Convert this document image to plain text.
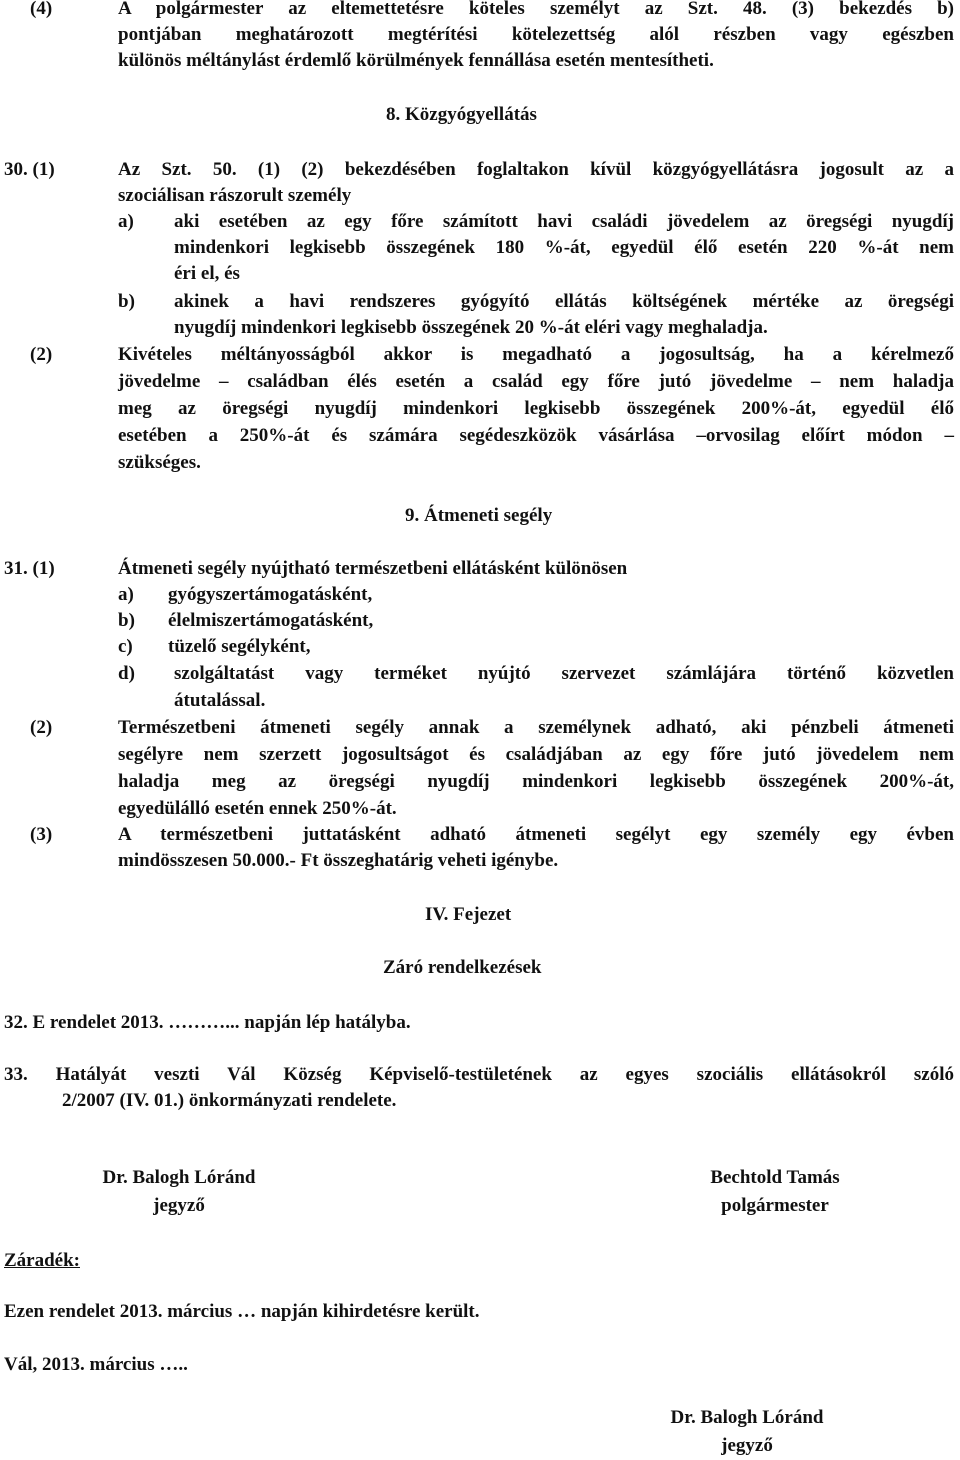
(4)	A polgármester az eltemettetésre köteles személyt az Szt. 48. (3) bekezdés b)
pontjában meghatározott megtérítési kötelezettség alól részben vagy egészben
különös méltánylást érdemlő körülmények fennállása esetén mentesítheti.
8. Közgyógyellátás
30. (1)	Az Szt. 50. (1) (2) bekezdésében foglaltakon kívül közgyógyellátásra jogosult az a
szociálisan rászorult személy
a) aki esetében az egy főre számított havi családi jövedelem az öregségi nyugdíj
mindenkori legkisebb összegének 180 %-át, egyedül élő esetén 220 %-át nem
éri el, és
b) akinek a havi rendszeres gyógyító ellátás költségének mértéke az öregségi
nyugdíj mindenkori legkisebb összegének 20 %-át eléri vagy meghaladja.
(2)	Kivételes méltányosságból akkor is megadható a jogosultság, ha a kérelmező
jövedelme – családban élés esetén a család egy főre jutó jövedelme – nem haladja
meg az öregségi nyugdíj mindenkori legkisebb összegének 200%-át, egyedül élő
esetében a 250%-át és számára segédeszközök vásárlása –orvosilag előírt módon –
szükséges.
9. Átmeneti segély
31. (1)	Átmeneti segély nyújtható természetbeni ellátásként különösen
a) gyógyszertámogatásként,
b) élelmiszertámogatásként,
c) tüzelő segélyként,
d) szolgáltatást vagy terméket nyújtó szervezet számlájára történő közvetlen
átutalással.
(2)	Természetbeni átmeneti segély annak a személynek adható, aki pénzbeli átmeneti
segélyre nem szerzett jogosultságot és családjában az egy főre jutó jövedelem nem
haladja meg az öregségi nyugdíj mindenkori legkisebb összegének 200%-át,
egyedülálló esetén ennek 250%-át.
(3)	A természetbeni juttatásként adható átmeneti segélyt egy személy egy évben
mindösszesen 50.000.- Ft összeghatárig veheti igénybe.
IV. Fejezet
Záró rendelkezések
32. E rendelet 2013. ………... napján lép hatályba.
33. Hatályát veszti Vál Község Képviselő-testületének az egyes szociális ellátásokról szóló
2/2007 (IV. 01.) önkormányzati rendelete.
Dr. Balogh Lóránd
jegyző
Bechtold Tamás
polgármester
Záradék:
Ezen rendelet 2013. március … napján kihirdetésre került.
Vál, 2013. március …..
Dr. Balogh Lóránd
jegyző
